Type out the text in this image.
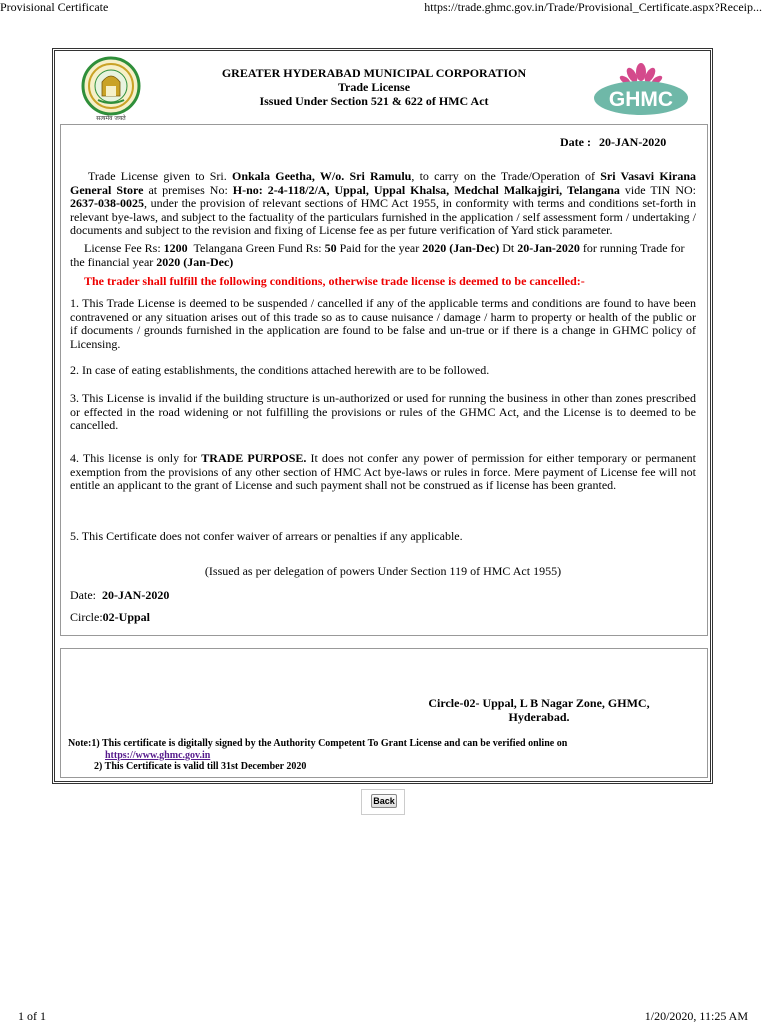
Provisional Certificate	https://trade.ghmc.gov.in/Trade/Provisional_Certificate.aspx?Receip...
1 of 1	1/20/2020, 11:25 AM
सत्यमेव जयते
GHMC
GREATER HYDERABAD MUNICIPAL CORPORATION
Trade License
Issued Under Section 521 & 622 of HMC Act
Date : 20-JAN-2020
Trade License given to Sri. Onkala Geetha, W/o. Sri Ramulu, to carry on the Trade/Operation of Sri Vasavi Kirana General Store at premises No: H-no: 2-4-118/2/A, Uppal, Uppal Khalsa, Medchal Malkajgiri, Telangana vide TIN NO: 2637-038-0025, under the provision of relevant sections of HMC Act 1955, in conformity with terms and conditions set-forth in relevant bye-laws, and subject to the factuality of the particulars furnished in the application / self assessment form / undertaking / documents and subject to the revision and fixing of License fee as per future verification of Yard stick parameter.
License Fee Rs: 1200 Telangana Green Fund Rs: 50 Paid for the year 2020 (Jan-Dec) Dt 20-Jan-2020 for running Trade for the financial year 2020 (Jan-Dec)
The trader shall fulfill the following conditions, otherwise trade license is deemed to be cancelled:-
1. This Trade License is deemed to be suspended / cancelled if any of the applicable terms and conditions are found to have been contravened or any situation arises out of this trade so as to cause nuisance / damage / harm to property or health of the public or if documents / grounds furnished in the application are found to be false and un-true or if there is a change in GHMC policy of Licensing.
2. In case of eating establishments, the conditions attached herewith are to be followed.
3. This License is invalid if the building structure is un-authorized or used for running the business in other than zones prescribed or effected in the road widening or not fulfilling the provisions or rules of the GHMC Act, and the License is to deemed to be cancelled.
4. This license is only for TRADE PURPOSE. It does not confer any power of permission for either temporary or permanent exemption from the provisions of any other section of HMC Act bye-laws or rules in force. Mere payment of License fee will not entitle an applicant to the grant of License and such payment shall not be construed as if license has been granted.
5. This Certificate does not confer waiver of arrears or penalties if any applicable.
(Issued as per delegation of powers Under Section 119 of HMC Act 1955)
Date: 20-JAN-2020
Circle:02-Uppal
Circle-02- Uppal, L B Nagar Zone, GHMC,
Hyderabad.
Note:1) This certificate is digitally signed by the Authority Competent To Grant License and can be verified online on
https://www.ghmc.gov.in
2) This Certificate is valid till 31st December 2020
Back
